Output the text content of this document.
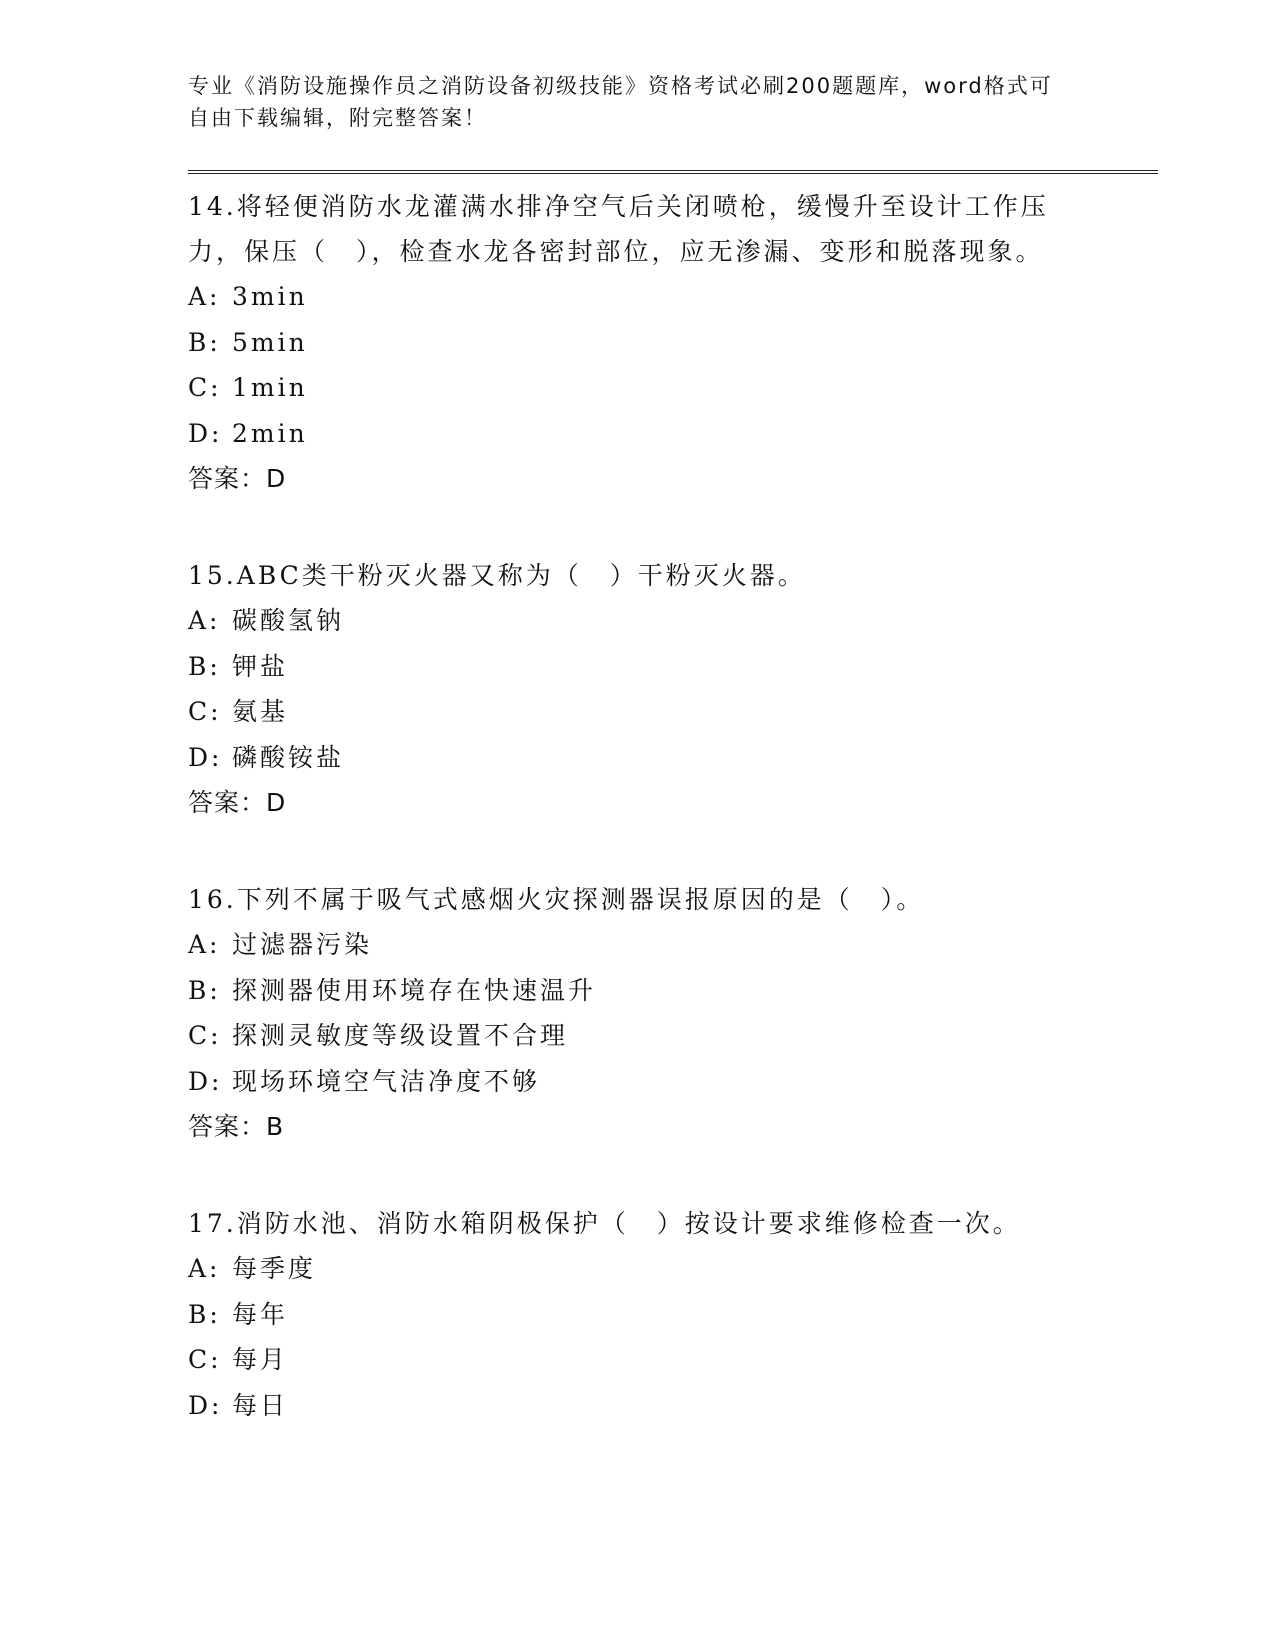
专业《消防设施操作员之消防设备初级技能》资格考试必刷200题题库，word格式可自由下载编辑，附完整答案！

14.将轻便消防水龙灌满水排净空气后关闭喷枪，缓慢升至设计工作压力，保压（　），检查水龙各密封部位，应无渗漏、变形和脱落现象。

A: 3min

B: 5min

C: 1min

D: 2min

答案：D

15.ABC类干粉灭火器又称为（　）干粉灭火器。

A: 碳酸氢钠

B: 钾盐

C: 氨基

D: 磷酸铵盐

答案：D

16.下列不属于吸气式感烟火灾探测器误报原因的是（　）。

A: 过滤器污染

B: 探测器使用环境存在快速温升

C: 探测灵敏度等级设置不合理

D: 现场环境空气洁净度不够

答案：B

17.消防水池、消防水箱阴极保护（　）按设计要求维修检查一次。

A: 每季度

B: 每年

C: 每月

D: 每日
